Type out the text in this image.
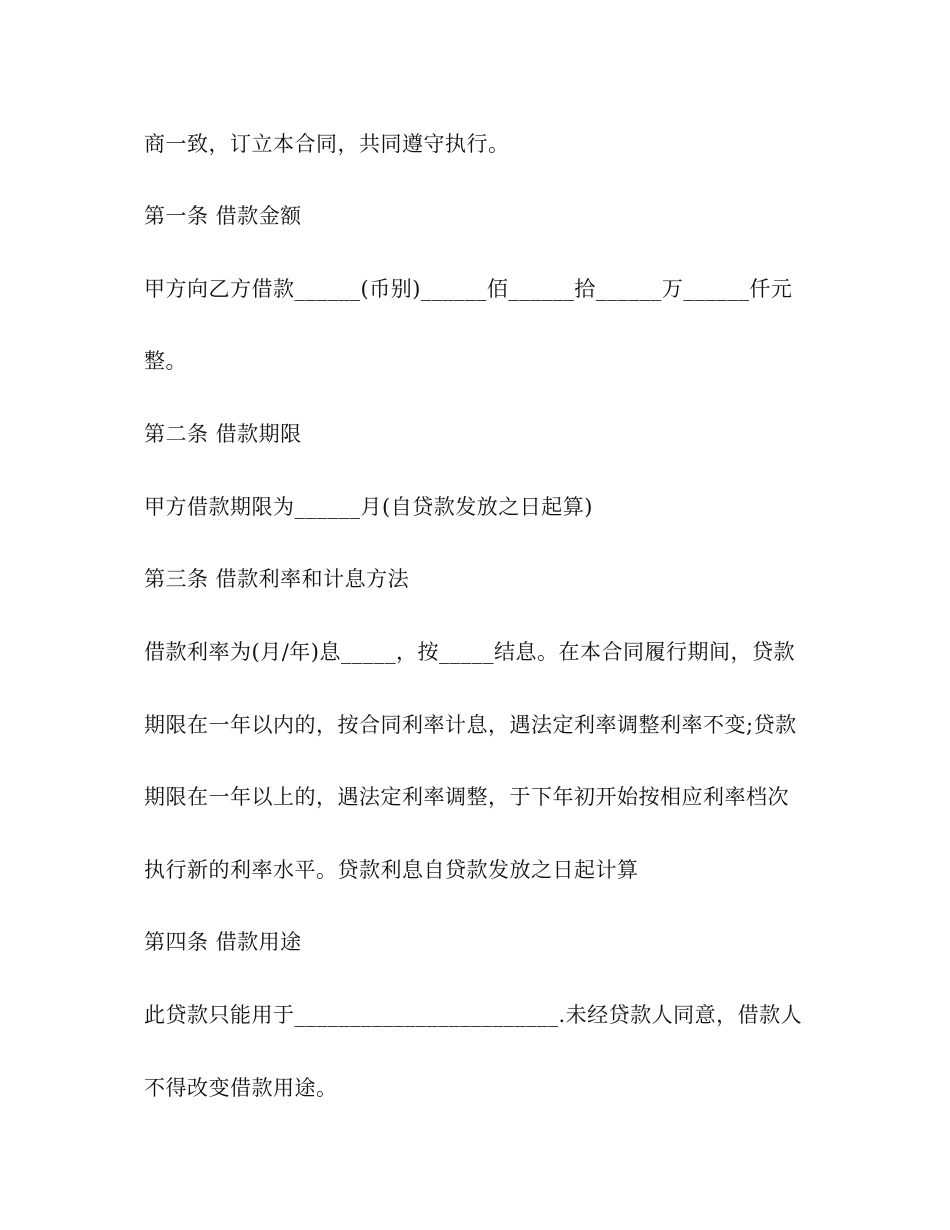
商一致，订立本合同，共同遵守执行。

第一条 借款金额

甲方向乙方借款______(币别)______佰______拾______万______仟元

整。

第二条 借款期限

甲方借款期限为______月(自贷款发放之日起算)

第三条 借款利率和计息方法

借款利率为(月/年)息_____，按_____结息。在本合同履行期间，贷款

期限在一年以内的，按合同利率计息，遇法定利率调整利率不变;贷款

期限在一年以上的，遇法定利率调整，于下年初开始按相应利率档次

执行新的利率水平。贷款利息自贷款发放之日起计算

第四条 借款用途

此贷款只能用于________________________.未经贷款人同意，借款人

不得改变借款用途。
